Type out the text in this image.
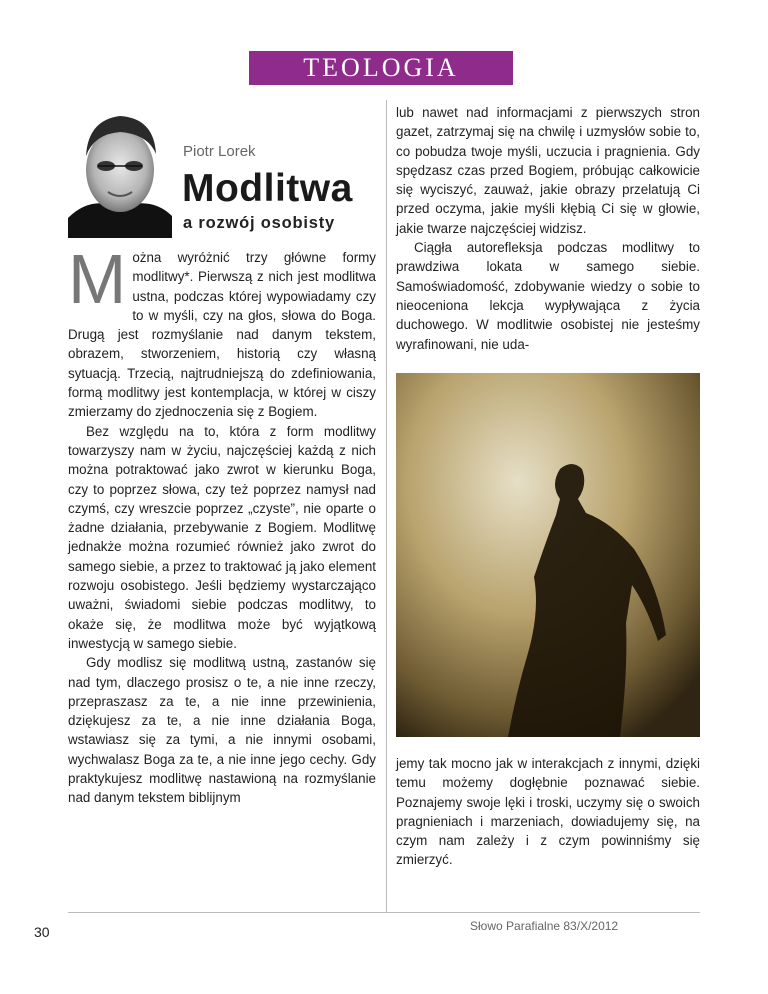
TEOLOGIA
Piotr Lorek
Modlitwa
a rozwój osobisty

Można wyróżnić trzy główne formy modlitwy*. Pierwszą z nich jest modlitwa ustna, podczas której wypowiadamy czy to w myśli, czy na głos, słowa do Boga. Drugą jest rozmyślanie nad danym tekstem, obrazem, stworzeniem, historią czy własną sytuacją. Trzecią, najtrudniejszą do zdefiniowania, formą modlitwy jest kontemplacja, w której w ciszy zmierzamy do zjednoczenia się z Bogiem.

Bez względu na to, która z form modlitwy towarzyszy nam w życiu, najczęściej każdą z nich można potraktować jako zwrot w kierunku Boga, czy to poprzez słowa, czy też poprzez namysł nad czymś, czy wreszcie poprzez „czyste”, nie oparte o żadne działania, przebywanie z Bogiem. Modlitwę jednakże można rozumieć również jako zwrot do samego siebie, a przez to traktować ją jako element rozwoju osobistego. Jeśli będziemy wystarczająco uważni, świadomi siebie podczas modlitwy, to okaże się, że modlitwa może być wyjątkową inwestycją w samego siebie.

Gdy modlisz się modlitwą ustną, zastanów się nad tym, dlaczego prosisz o te, a nie inne rzeczy, przepraszasz za te, a nie inne przewinienia, dziękujesz za te, a nie inne działania Boga, wstawiasz się za tymi, a nie innymi osobami, wychwalasz Boga za te, a nie inne jego cechy. Gdy praktykujesz modlitwę nastawioną na rozmyślanie nad danym tekstem biblijnym

lub nawet nad informacjami z pierwszych stron gazet, zatrzymaj się na chwilę i uzmysłów sobie to, co pobudza twoje myśli, uczucia i pragnienia. Gdy spędzasz czas przed Bogiem, próbując całkowicie się wyciszyć, zauważ, jakie obrazy przelatują Ci przed oczyma, jakie myśli kłębią Ci się w głowie, jakie twarze najczęściej widzisz.

Ciągła autorefleksja podczas modlitwy to prawdziwa lokata w samego siebie. Samoświadomość, zdobywanie wiedzy o sobie to nieoceniona lekcja wypływająca z życia duchowego. W modlitwie osobistej nie jesteśmy wyrafinowani, nie uda-

jemy tak mocno jak w interakcjach z innymi, dzięki temu możemy dogłębnie poznawać siebie. Poznajemy swoje lęki i troski, uczymy się o swoich pragnieniach i marzeniach, dowiadujemy się, na czym nam zależy i z czym powinniśmy się zmierzyć.

30	Słowo Parafialne 83/X/2012
